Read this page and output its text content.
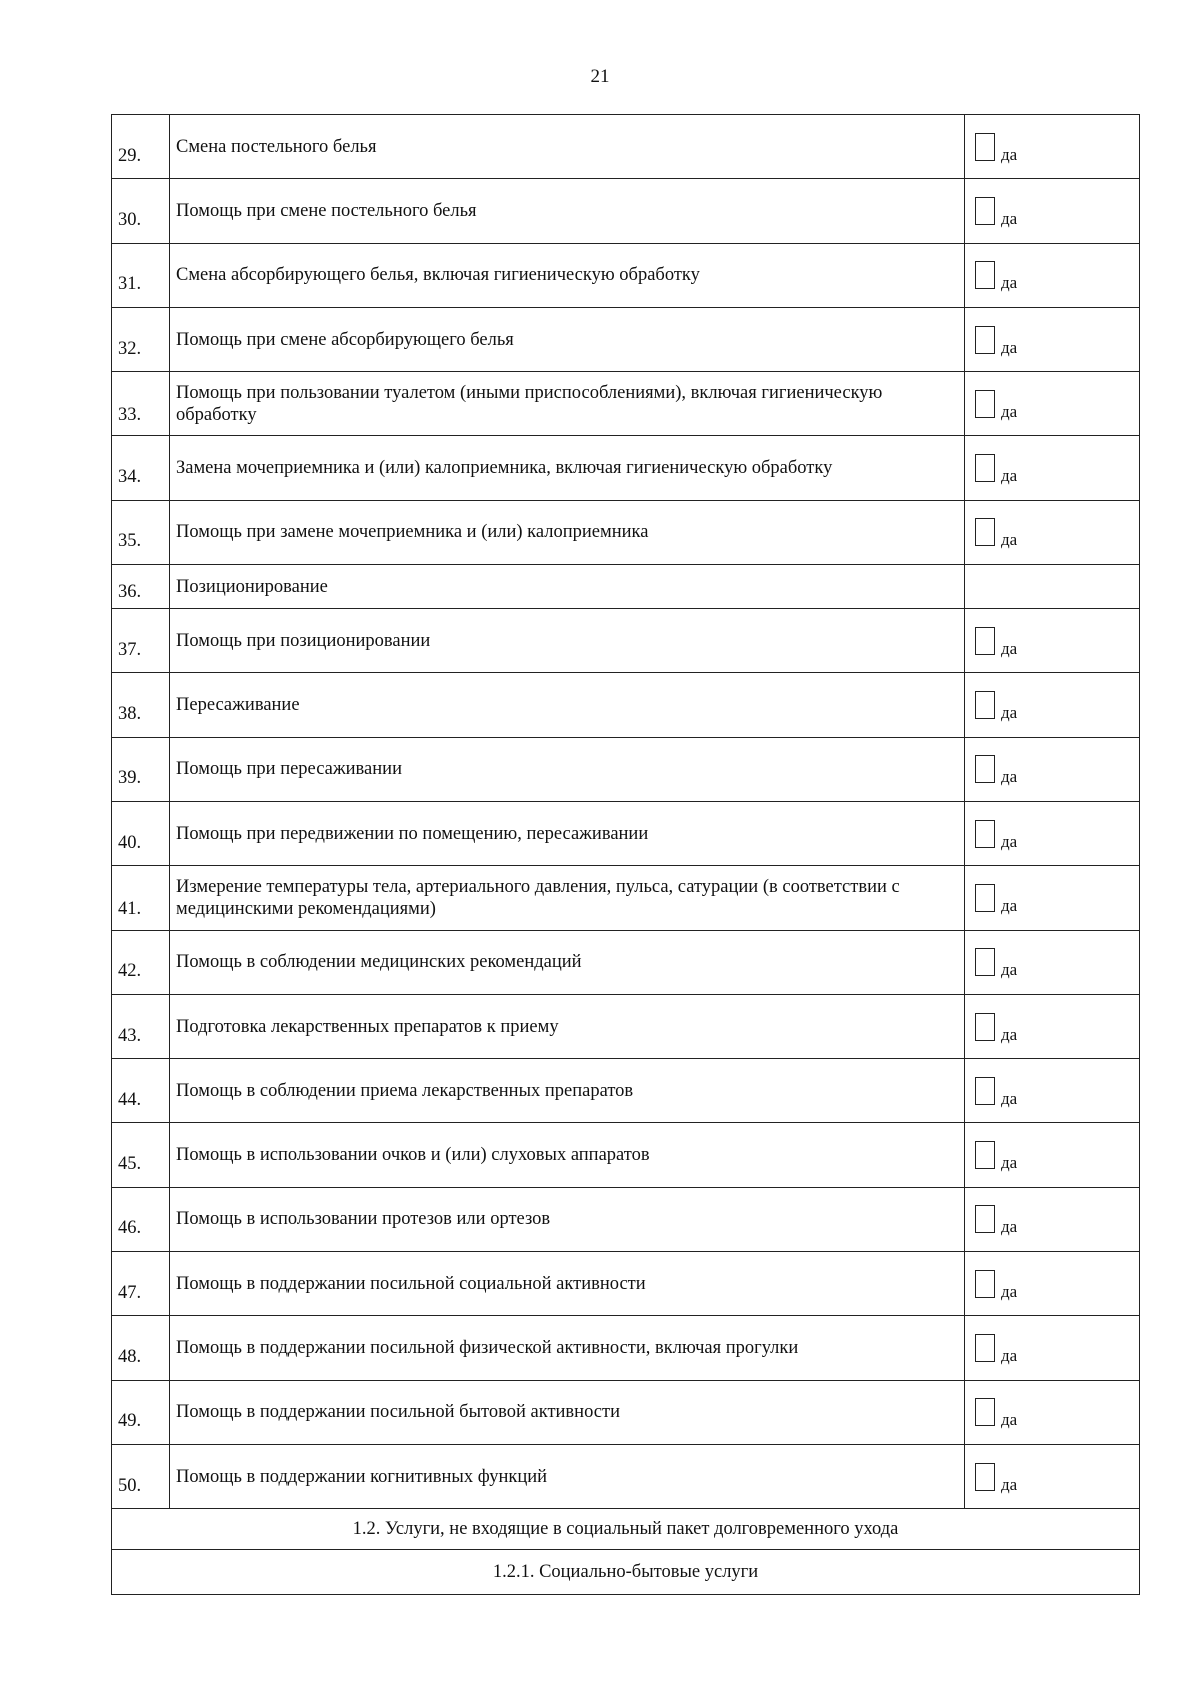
21
29.	Смена постельного белья	да
30.	Помощь при смене постельного белья	да
31.	Смена абсорбирующего белья, включая гигиеническую обработку	да
32.	Помощь при смене абсорбирующего белья	да
33.	Помощь при пользовании туалетом (иными приспособлениями), включая гигиеническую обработку	да
34.	Замена мочеприемника и (или) калоприемника, включая гигиеническую обработку	да
35.	Помощь при замене мочеприемника и (или) калоприемника	да
36.	Позиционирование	
37.	Помощь при позиционировании	да
38.	Пересаживание	да
39.	Помощь при пересаживании	да
40.	Помощь при передвижении по помещению, пересаживании	да
41.	Измерение температуры тела, артериального давления, пульса, сатурации (в соответствии с медицинскими рекомендациями)	да
42.	Помощь в соблюдении медицинских рекомендаций	да
43.	Подготовка лекарственных препаратов к приему	да
44.	Помощь в соблюдении приема лекарственных препаратов	да
45.	Помощь в использовании очков и (или) слуховых аппаратов	да
46.	Помощь в использовании протезов или ортезов	да
47.	Помощь в поддержании посильной социальной активности	да
48.	Помощь в поддержании посильной физической активности, включая прогулки	да
49.	Помощь в поддержании посильной бытовой активности	да
50.	Помощь в поддержании когнитивных функций	да
1.2. Услуги, не входящие в социальный пакет долговременного ухода		
1.2.1. Социально-бытовые услуги		
